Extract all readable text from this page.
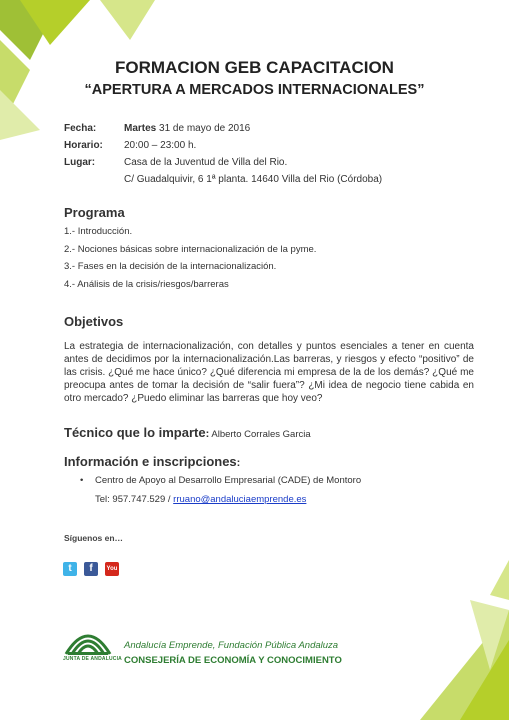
FORMACION GEB CAPACITACION
“APERTURA A MERCADOS INTERNACIONALES”
Fecha:	Martes 31 de mayo de 2016
Horario: 20:00 – 23:00 h.
Lugar:	Casa de la Juventud de Villa del Rio.
C/ Guadalquivir, 6 1ª planta. 14640 Villa del Rio (Córdoba)
Programa
1.- Introducción.
2.- Nociones básicas sobre internacionalización de la pyme.
3.- Fases en la decisión de la internacionalización.
4.- Análisis de la crisis/riesgos/barreras
Objetivos
La estrategia de internacionalización, con detalles y puntos esenciales a tener en cuenta antes de decidimos por la internacionalización.Las barreras, y riesgos y efecto “positivo” de las crisis. ¿Qué me hace único? ¿Qué diferencia mi empresa de la de los demás? ¿Qué me preocupa antes de tomar la decisión de “salir fuera”? ¿Mi idea de negocio tiene cabida en otro mercado? ¿Puedo eliminar las barreras que hoy veo?
Técnico que lo imparte: Alberto Corrales Garcia
Información e inscripciones:
• Centro de Apoyo al Desarrollo Empresarial (CADE) de Montoro
Tel: 957.747.529 / rruano@andaluciaemprende.es
Síguenos en…
t	f	You
JUNTA DE ANDALUCIA
Andalucía Emprende, Fundación Pública Andaluza
CONSEJERÍA DE ECONOMÍA Y CONOCIMIENTO
